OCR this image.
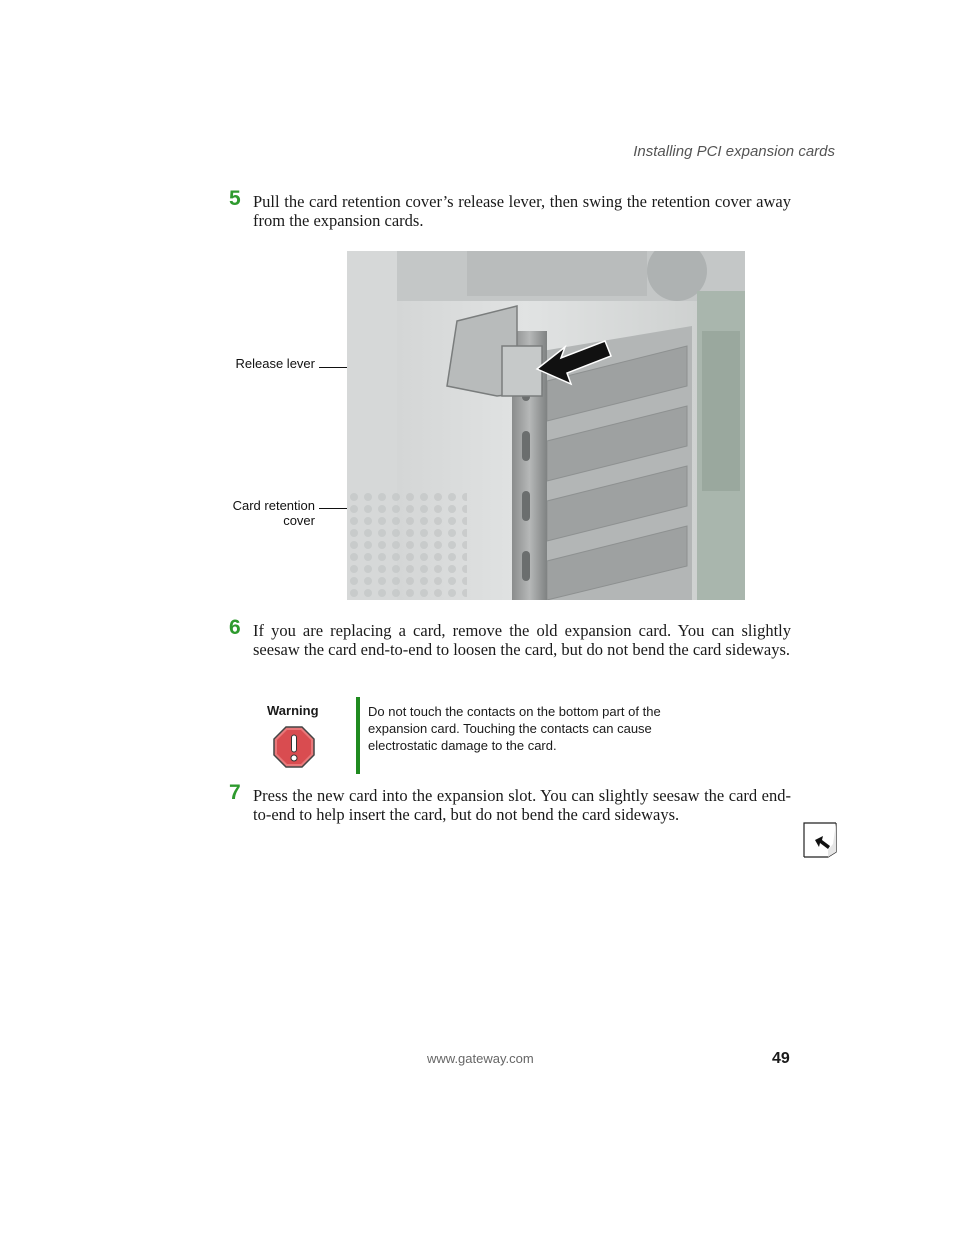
Installing PCI expansion cards
5 Pull the card retention cover’s release lever, then swing the retention cover away from the expansion cards.
Release lever
Card retention
cover
6 If you are replacing a card, remove the old expansion card. You can slightly seesaw the card end-to-end to loosen the card, but do not bend the card sideways.
Warning	Do not touch the contacts on the bottom part of the expansion card. Touching the contacts can cause electrostatic damage to the card.
7 Press the new card into the expansion slot. You can slightly seesaw the card end-to-end to help insert the card, but do not bend the card sideways.
www.gateway.com	49
